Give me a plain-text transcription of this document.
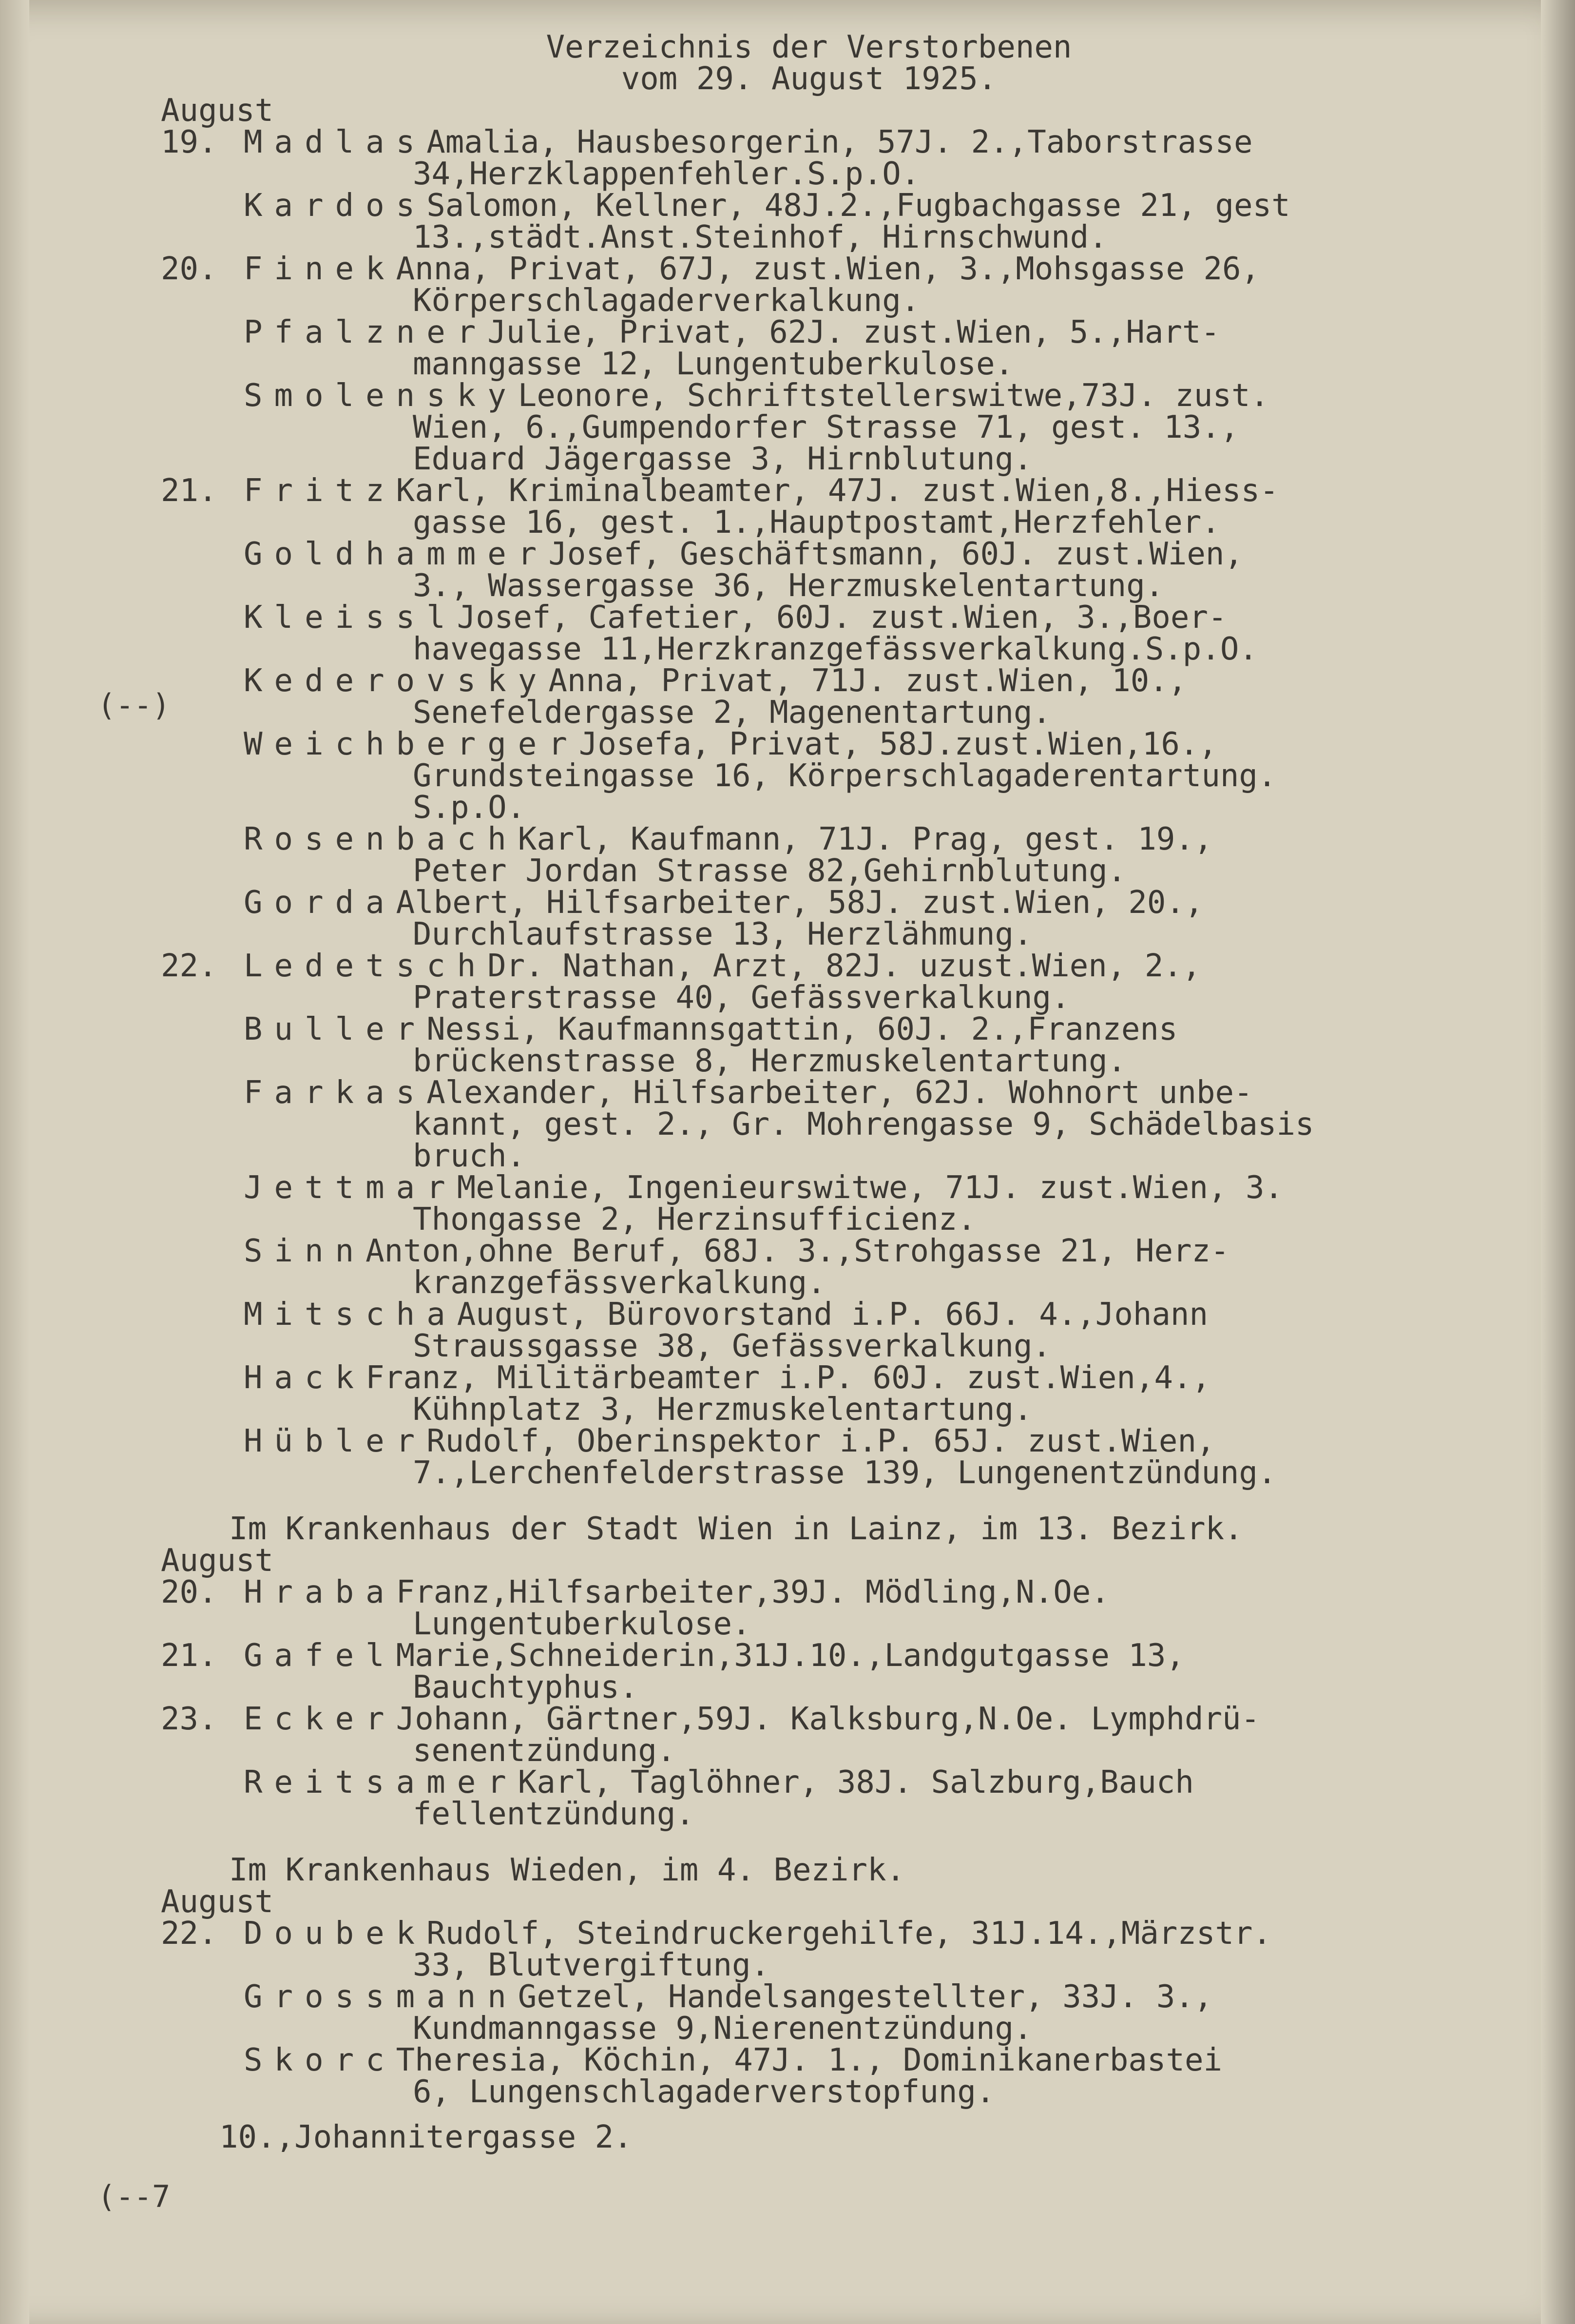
Verzeichnis der Verstorbenen
vom 29. August 1925.
August
19. MadlasAmalia, Hausbesorgerin, 57J. 2.,Taborstrasse
34,Herzklappenfehler.S.p.O.
KardosSalomon, Kellner, 48J.2.,Fugbachgasse 21, gest
13.,städt.Anst.Steinhof, Hirnschwund.
20. FinekAnna, Privat, 67J, zust.Wien, 3.,Mohsgasse 26,
Körperschlagaderverkalkung.
PfalznerJulie, Privat, 62J. zust.Wien, 5.,Hart-
manngasse 12, Lungentuberkulose.
SmolenskyLeonore, Schriftstellerswitwe,73J. zust.
Wien, 6.,Gumpendorfer Strasse 71, gest. 13.,
Eduard Jägergasse 3, Hirnblutung.
21. FritzKarl, Kriminalbeamter, 47J. zust.Wien,8.,Hiess-
gasse 16, gest. 1.,Hauptpostamt,Herzfehler.
GoldhammerJosef, Geschäftsmann, 60J. zust.Wien,
3., Wassergasse 36, Herzmuskelentartung.
KleisslJosef, Cafetier, 60J. zust.Wien, 3.,Boer-
havegasse 11,Herzkranzgefässverkalkung.S.p.O.
KederovskyAnna, Privat, 71J. zust.Wien, 10.,
Senefeldergasse 2, Magenentartung.
WeichbergerJosefa, Privat, 58J.zust.Wien,16.,
Grundsteingasse 16, Körperschlagaderentartung.
S.p.O.
RosenbachKarl, Kaufmann, 71J. Prag, gest. 19.,
Peter Jordan Strasse 82,Gehirnblutung.
GordaAlbert, Hilfsarbeiter, 58J. zust.Wien, 20.,
Durchlaufstrasse 13, Herzlähmung.
22. LedetschDr. Nathan, Arzt, 82J. uzust.Wien, 2.,
Praterstrasse 40, Gefässverkalkung.
BullerNessi, Kaufmannsgattin, 60J. 2.,Franzens
brückenstrasse 8, Herzmuskelentartung.
FarkasAlexander, Hilfsarbeiter, 62J. Wohnort unbe-
kannt, gest. 2., Gr. Mohrengasse 9, Schädelbasis
bruch.
JettmarMelanie, Ingenieurswitwe, 71J. zust.Wien, 3.
Thongasse 2, Herzinsufficienz.
SinnAnton,ohne Beruf, 68J. 3.,Strohgasse 21, Herz-
kranzgefässverkalkung.
MitschaAugust, Bürovorstand i.P. 66J. 4.,Johann
Straussgasse 38, Gefässverkalkung.
HackFranz, Militärbeamter i.P. 60J. zust.Wien,4.,
Kühnplatz 3, Herzmuskelentartung.
HüblerRudolf, Oberinspektor i.P. 65J. zust.Wien,
7.,Lerchenfelderstrasse 139, Lungenentzündung.
Im Krankenhaus der Stadt Wien in Lainz, im 13. Bezirk.
August
20. HrabaFranz,Hilfsarbeiter,39J. Mödling,N.Oe.
Lungentuberkulose.
21. GafelMarie,Schneiderin,31J.10.,Landgutgasse 13,
Bauchtyphus.
23. EckerJohann, Gärtner,59J. Kalksburg,N.Oe. Lymphdrü-
senentzündung.
ReitsamerKarl, Taglöhner, 38J. Salzburg,Bauch
fellentzündung.
Im Krankenhaus Wieden, im 4. Bezirk.
August
22. DoubekRudolf, Steindruckergehilfe, 31J.14.,Märzstr.
33, Blutvergiftung.
GrossmannGetzel, Handelsangestellter, 33J. 3.,
Kundmanngasse 9,Nierenentzündung.
SkorcTheresia, Köchin, 47J. 1., Dominikanerbastei
6, Lungenschlagaderverstopfung.
10.,Johannitergasse 2.
(--)
(--7
